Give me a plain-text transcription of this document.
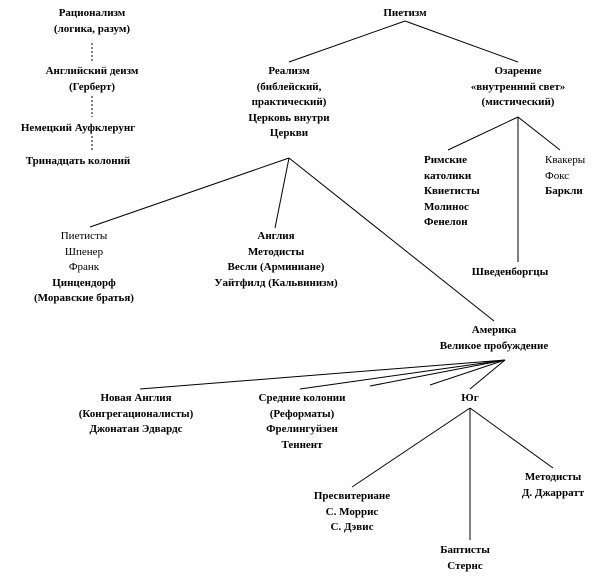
Рационализм
(логика, разум)
Английский деизм
(Герберт)
Немецкий Ауфклерунг
Тринадцать колоний
Пиетизм
Реализм
(библейский,
практический)
Церковь внутри
Церкви
Озарение
«внутренний свет»
(мистический)
Римские
католики
Квиетисты
Молинос
Фенелон
Квакеры
Фокс
Баркли
Шведенборгцы
Пиетисты
Шпенер
Франк
Цинцендорф
(Моравские братья)
Англия
Методисты
Весли (Арминиане)
Уайтфилд (Кальвинизм)
Америка
Великое пробуждение
Новая Англия
(Конгрегационалисты)
Джонатан Эдвардс
Средние колонии
(Реформаты)
Фрелингуйзен
Теннент
Юг
Пресвитериане
С. Моррис
С. Дэвис
Методисты
Д. Джарратт
Баптисты
Стернс
